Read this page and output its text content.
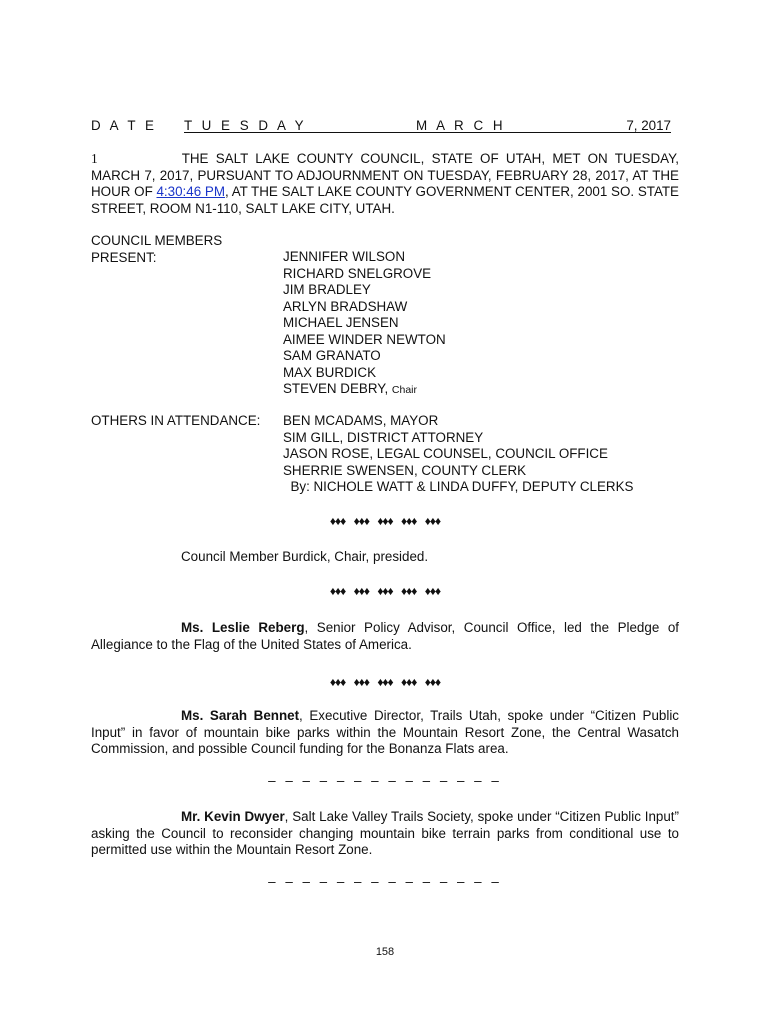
D A T E T U E S D A Y	M A R C H	7, 2017
1	THE SALT LAKE COUNTY COUNCIL, STATE OF UTAH, MET ON TUESDAY, MARCH 7, 2017, PURSUANT TO ADJOURNMENT ON TUESDAY, FEBRUARY 28, 2017, AT THE HOUR OF 4:30:46 PM, AT THE SALT LAKE COUNTY GOVERNMENT CENTER, 2001 SO. STATE STREET, ROOM N1-110, SALT LAKE CITY, UTAH.
COUNCIL MEMBERS
PRESENT:	JENNIFER WILSON
RICHARD SNELGROVE
JIM BRADLEY
ARLYN BRADSHAW
MICHAEL JENSEN
AIMEE WINDER NEWTON
SAM GRANATO
MAX BURDICK
STEVEN DEBRY, Chair
OTHERS IN ATTENDANCE: BEN MCADAMS, MAYOR
SIM GILL, DISTRICT ATTORNEY
JASON ROSE, LEGAL COUNSEL, COUNCIL OFFICE
SHERRIE SWENSEN, COUNTY CLERK
By: NICHOLE WATT & LINDA DUFFY, DEPUTY CLERKS
♦♦♦ ♦♦♦ ♦♦♦ ♦♦♦ ♦♦♦
Council Member Burdick, Chair, presided.
♦♦♦ ♦♦♦ ♦♦♦ ♦♦♦ ♦♦♦
Ms. Leslie Reberg, Senior Policy Advisor, Council Office, led the Pledge of Allegiance to the Flag of the United States of America.
♦♦♦ ♦♦♦ ♦♦♦ ♦♦♦ ♦♦♦
Ms. Sarah Bennet, Executive Director, Trails Utah, spoke under “Citizen Public Input” in favor of mountain bike parks within the Mountain Resort Zone, the Central Wasatch Commission, and possible Council funding for the Bonanza Flats area.
– – – – – – – – – – – – – –
Mr. Kevin Dwyer, Salt Lake Valley Trails Society, spoke under “Citizen Public Input” asking the Council to reconsider changing mountain bike terrain parks from conditional use to permitted use within the Mountain Resort Zone.
– – – – – – – – – – – – – –
158
